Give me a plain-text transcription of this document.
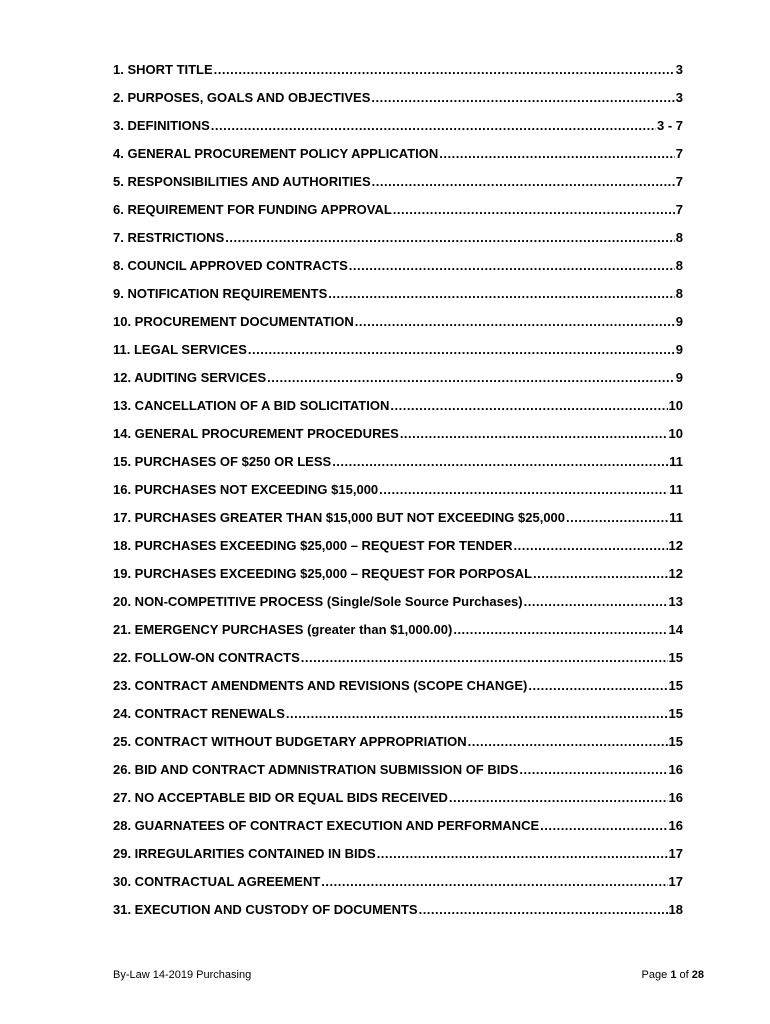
1. SHORT TITLE .....	3
2. PURPOSES, GOALS AND OBJECTIVES .....	3
3. DEFINITIONS .....	3 - 7
4. GENERAL PROCUREMENT POLICY APPLICATION .....	7
5. RESPONSIBILITIES AND AUTHORITIES .....	7
6. REQUIREMENT FOR FUNDING APPROVAL .....	7
7. RESTRICTIONS .....	8
8. COUNCIL APPROVED CONTRACTS .....	8
9. NOTIFICATION REQUIREMENTS .....	8
10. PROCUREMENT DOCUMENTATION .....	9
11. LEGAL SERVICES .....	9
12. AUDITING SERVICES .....	9
13. CANCELLATION OF A BID SOLICITATION .....	10
14. GENERAL PROCUREMENT PROCEDURES .....	10
15. PURCHASES OF $250 OR LESS .....	11
16. PURCHASES NOT EXCEEDING $15,000 .....	11
17. PURCHASES GREATER THAN $15,000 BUT NOT EXCEEDING $25,000 .....	11
18. PURCHASES EXCEEDING $25,000 – REQUEST FOR TENDER .....	12
19. PURCHASES EXCEEDING $25,000 – REQUEST FOR PORPOSAL .....	12
20. NON-COMPETITIVE PROCESS (Single/Sole Source Purchases) .....	13
21. EMERGENCY PURCHASES (greater than $1,000.00) .....	14
22. FOLLOW-ON CONTRACTS .....	15
23. CONTRACT AMENDMENTS AND REVISIONS (SCOPE CHANGE) .....	15
24. CONTRACT RENEWALS .....	15
25. CONTRACT WITHOUT BUDGETARY APPROPRIATION .....	15
26. BID AND CONTRACT ADMNISTRATION SUBMISSION OF BIDS .....	16
27. NO ACCEPTABLE BID OR EQUAL BIDS RECEIVED .....	16
28. GUARNATEES OF CONTRACT EXECUTION AND PERFORMANCE .....	16
29. IRREGULARITIES CONTAINED IN BIDS .....	17
30. CONTRACTUAL AGREEMENT .....	17
31. EXECUTION AND CUSTODY OF DOCUMENTS .....	18
By-Law 14-2019 Purchasing	Page 1 of 28
